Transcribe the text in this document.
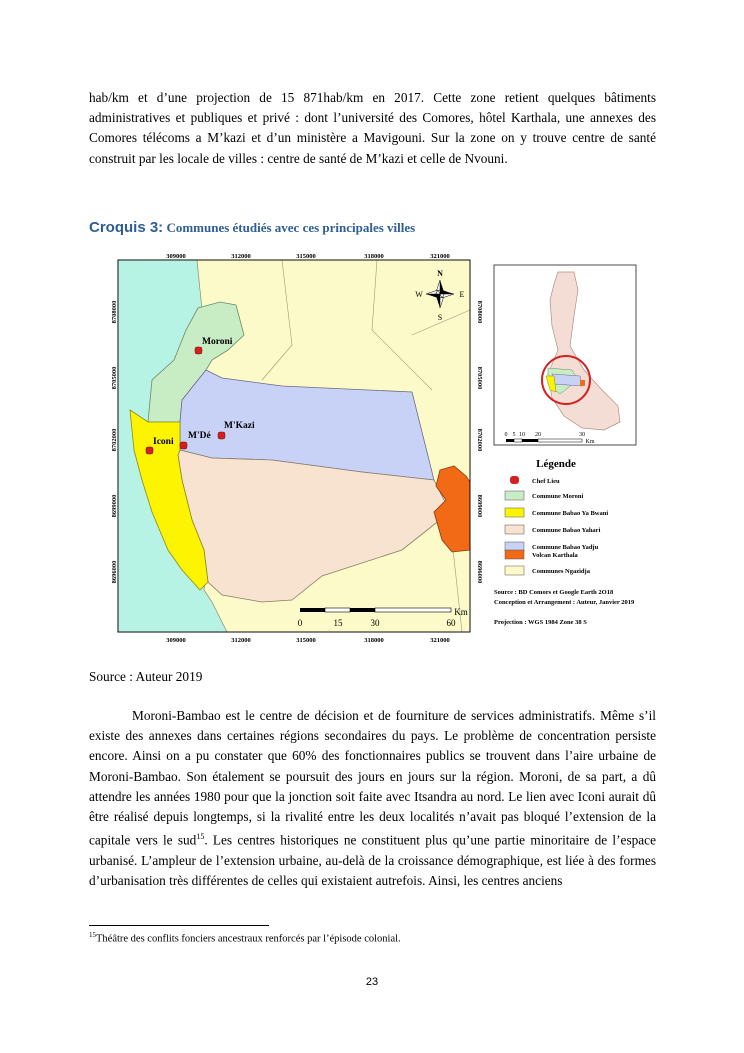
hab/km et d’une projection de 15 871hab/km en 2017. Cette zone retient quelques bâtiments administratives et publiques et privé : dont l’université des Comores, hôtel Karthala, une annexes des Comores télécoms a M’kazi et d’un ministère a Mavigouni. Sur la zone on y trouve centre de santé construit par les locale de villes : centre de santé de M’kazi et celle de Nvouni.

Croquis 3: Communes étudiés avec ces principales villes

309000	312000	315000	318000	321000
309000	312000	315000	318000	321000
8708000
8705000
8702000
8699000
8696000
8708000
8705000
8702000
8699000
8696000
N
S
E
W
Moroni
M'Kazi
M'Dé
Iconi
0	15	30	60
Km
0 5 10 20	30
Km
Légende
Chef Lieu
Commune Moroni
Commune Babao Ya Bwani
Commune Babao Yahari
Commune Babao Yadju
Volcan Karthala
Communes Ngazidja
Source : BD Comors et Google Earth 2O18
Conception et Arrangement : Auteur, Janvier 2019
Projection : WGS 1984 Zone 38 S

Source : Auteur 2019

Moroni-Bambao est le centre de décision et de fourniture de services administratifs. Même s’il existe des annexes dans certaines régions secondaires du pays. Le problème de concentration persiste encore. Ainsi on a pu constater que 60% des fonctionnaires publics se trouvent dans l’aire urbaine de Moroni-Bambao. Son étalement se poursuit des jours en jours sur la région. Moroni, de sa part, a dû attendre les années 1980 pour que la jonction soit faite avec Itsandra au nord. Le lien avec Iconi aurait dû être réalisé depuis longtemps, si la rivalité entre les deux localités n’avait pas bloqué l’extension de la capitale vers le sud$^{15}$. Les centres historiques ne constituent plus qu’une partie minoritaire de l’espace urbanisé. L’ampleur de l’extension urbaine, au-delà de la croissance démographique, est liée à des formes d’urbanisation très différentes de celles qui existaient autrefois. Ainsi, les centres anciens

$^{15}$Théâtre des conflits fonciers ancestraux renforcés par l’épisode colonial.

23
